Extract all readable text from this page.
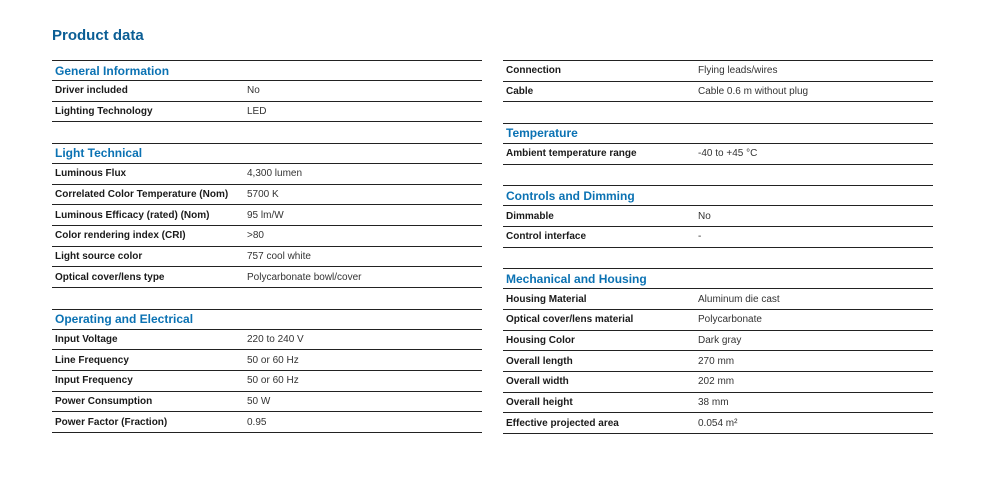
Product data
General Information
Driver included	No
Lighting Technology	LED
Light Technical
Luminous Flux	4,300 lumen
Correlated Color Temperature (Nom)	5700 K
Luminous Efficacy (rated) (Nom)	95 lm/W
Color rendering index (CRI)	>80
Light source color	757 cool white
Optical cover/lens type	Polycarbonate bowl/cover
Operating and Electrical
Input Voltage	220 to 240 V
Line Frequency	50 or 60 Hz
Input Frequency	50 or 60 Hz
Power Consumption	50 W
Power Factor (Fraction)	0.95
Connection	Flying leads/wires
Cable	Cable 0.6 m without plug
Temperature
Ambient temperature range	-40 to +45 °C
Controls and Dimming
Dimmable	No
Control interface	-
Mechanical and Housing
Housing Material	Aluminum die cast
Optical cover/lens material	Polycarbonate
Housing Color	Dark gray
Overall length	270 mm
Overall width	202 mm
Overall height	38 mm
Effective projected area	0.054 m²
